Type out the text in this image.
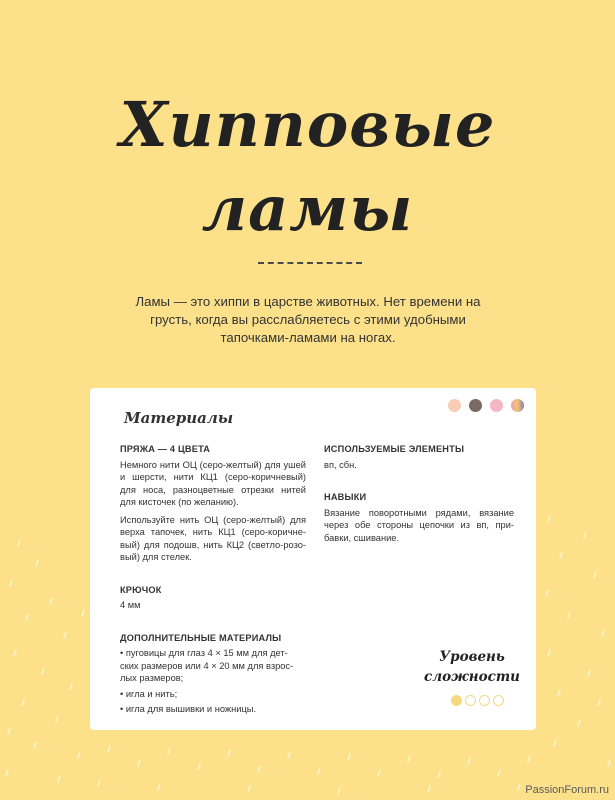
Хипповые
ламы
Ламы — это хиппи в царстве животных. Нет времени на грусть, когда вы расслабляетесь с этими удобными тапочками-ламами на ногах.
Материалы
ПРЯЖА — 4 ЦВЕТА
Немного нити ОЦ (серо-желтый) для ушей и шерсти, нити КЦ1 (серо-коричневый) для носа, разноцветные отрезки нитей для кисточек (по желанию).
Используйте нить ОЦ (серо-желтый) для верха тапочек, нить КЦ1 (серо-коричне- вый) для подошв, нить КЦ2 (светло-розо- вый) для стелек.
КРЮЧОК
4 мм
ДОПОЛНИТЕЛЬНЫЕ МАТЕРИАЛЫ
• пуговицы для глаз 4 × 15 мм для дет- ских размеров или 4 × 20 мм для взрос- лых размеров;
• игла и нить;
• игла для вышивки и ножницы.
ИСПОЛЬЗУЕМЫЕ ЭЛЕМЕНТЫ
вп, сбн.
НАВЫКИ
Вязание поворотными рядами, вязание через обе стороны цепочки из вп, при- бавки, сшивание.
Уровень
сложности
PassionForum.ru
